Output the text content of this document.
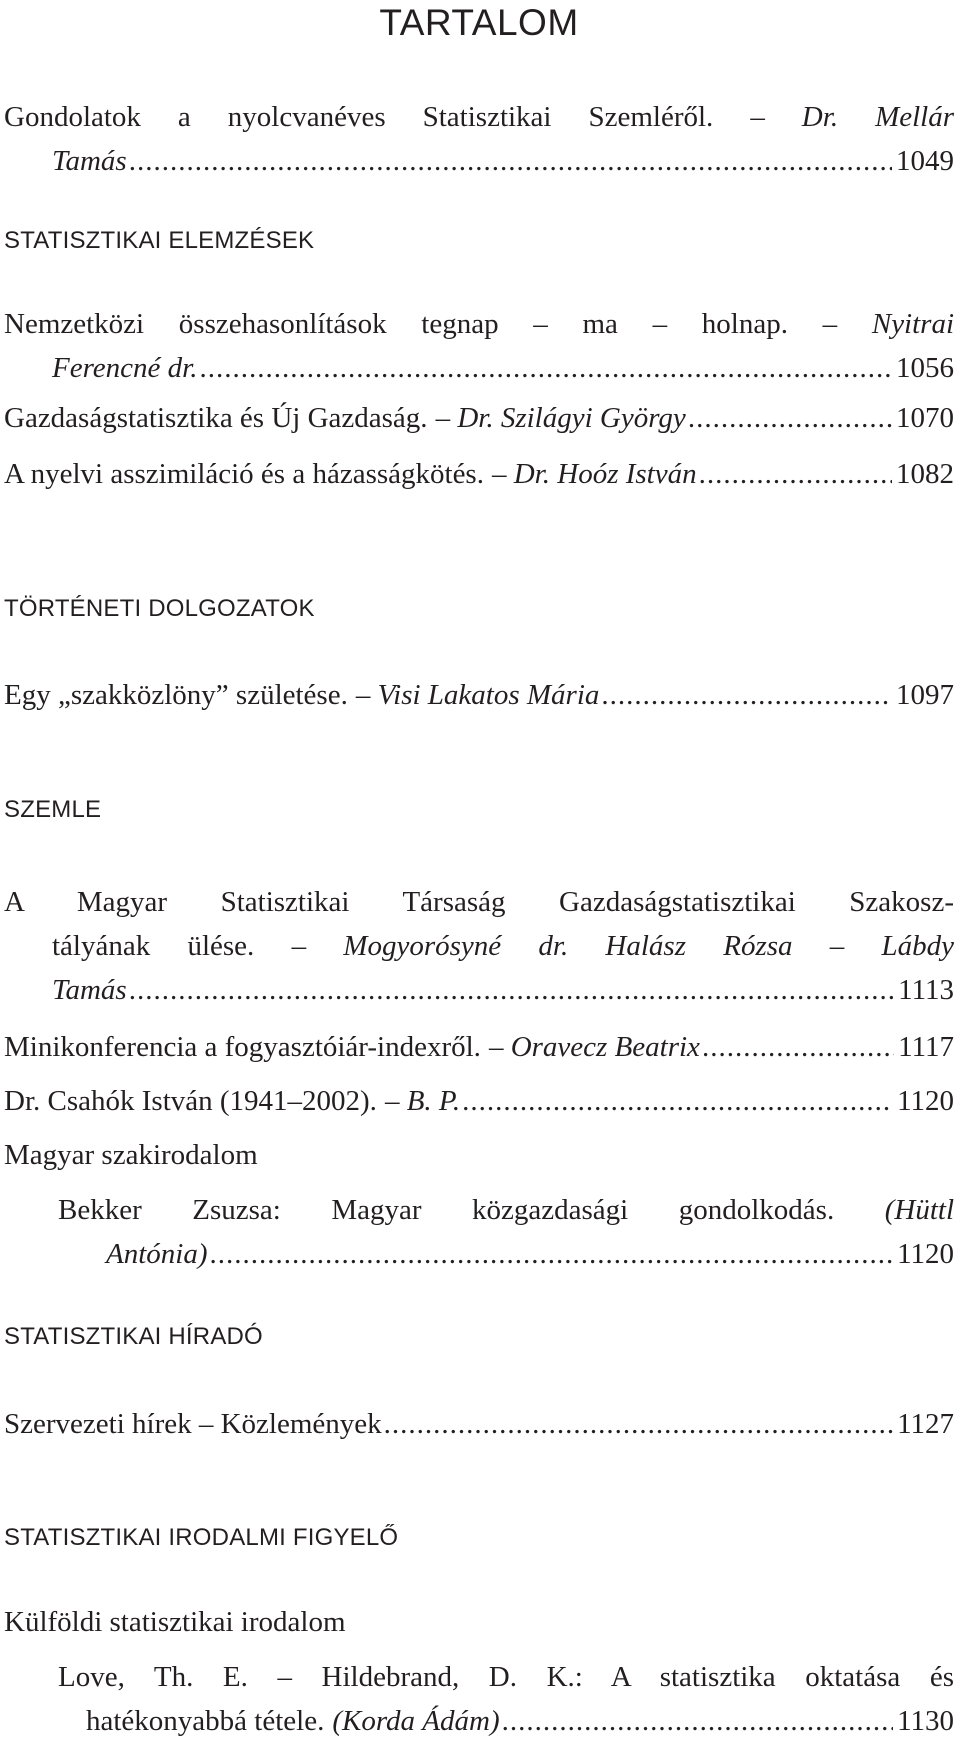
TARTALOM
Gondolatok a nyolcvanéves Statisztikai Szemléről. – Dr. Mellár
Tamás .....	1049
STATISZTIKAI ELEMZÉSEK
Nemzetközi összehasonlítások tegnap – ma – holnap. – Nyitrai
Ferencné dr. .....	1056
Gazdaságstatisztika és Új Gazdaság. – Dr. Szilágyi György .....	1070
A nyelvi asszimiláció és a házasságkötés. – Dr. Hoóz István .....	1082
TÖRTÉNETI DOLGOZATOK
Egy „szakközlöny” születése. – Visi Lakatos Mária .....	1097
SZEMLE
A Magyar Statisztikai Társaság Gazdaságstatisztikai Szakosz-
tályának ülése. – Mogyorósyné dr. Halász Rózsa – Lábdy
Tamás .....	1113
Minikonferencia a fogyasztóiár-indexről. – Oravecz Beatrix .....	1117
Dr. Csahók István (1941–2002). – B. P. .....	1120
Magyar szakirodalom
Bekker Zsuzsa: Magyar közgazdasági gondolkodás. (Hüttl
Antónia) .....	1120
STATISZTIKAI HÍRADÓ
Szervezeti hírek – Közlemények .....	1127
STATISZTIKAI IRODALMI FIGYELŐ
Külföldi statisztikai irodalom
Love, Th. E. – Hildebrand, D. K.: A statisztika oktatása és
hatékonyabbá tétele. (Korda Ádám) .....	1130
